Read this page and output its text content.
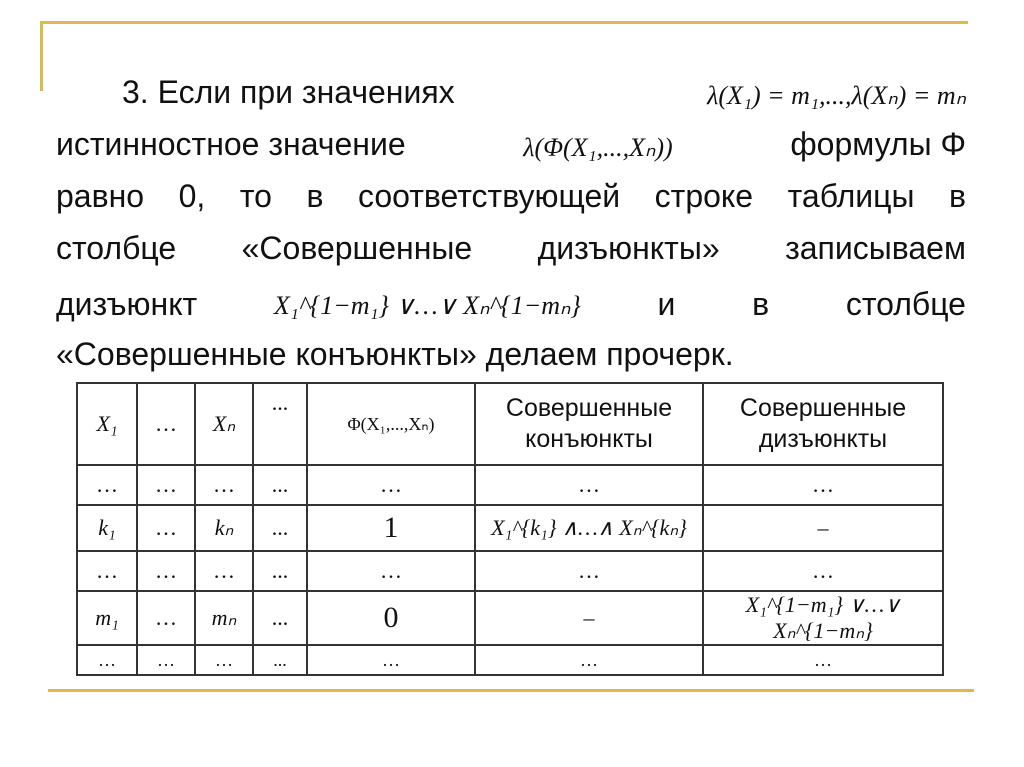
3. Если при значениях	λ(X₁) = m₁,...,λ(Xₙ) = mₙ
истинностное значение	λ(Φ(X₁,...,Xₙ))	формулы Φ
равно 0, то в соответствующей строке таблицы в
столбце «Совершенные дизъюнкты» записываем
дизъюнкт	X₁^{1−m₁} ∨…∨ Xₙ^{1−mₙ} и в столбце
«Совершенные конъюнкты» делаем прочерк.
X₁	…	Xₙ	...	Φ(X₁,...,Xₙ)	Совершенные конъюнкты	Совершенные дизъюнкты
…	…	…	...	…	…	…
k₁	…	kₙ	...	1	X₁^{k₁} ∧…∧ Xₙ^{kₙ}	–
…	…	…	...	…	…	…
m₁	…	mₙ	...	0	–	X₁^{1−m₁} ∨…∨ Xₙ^{1−mₙ}
…	…	…	...	…	…	…
